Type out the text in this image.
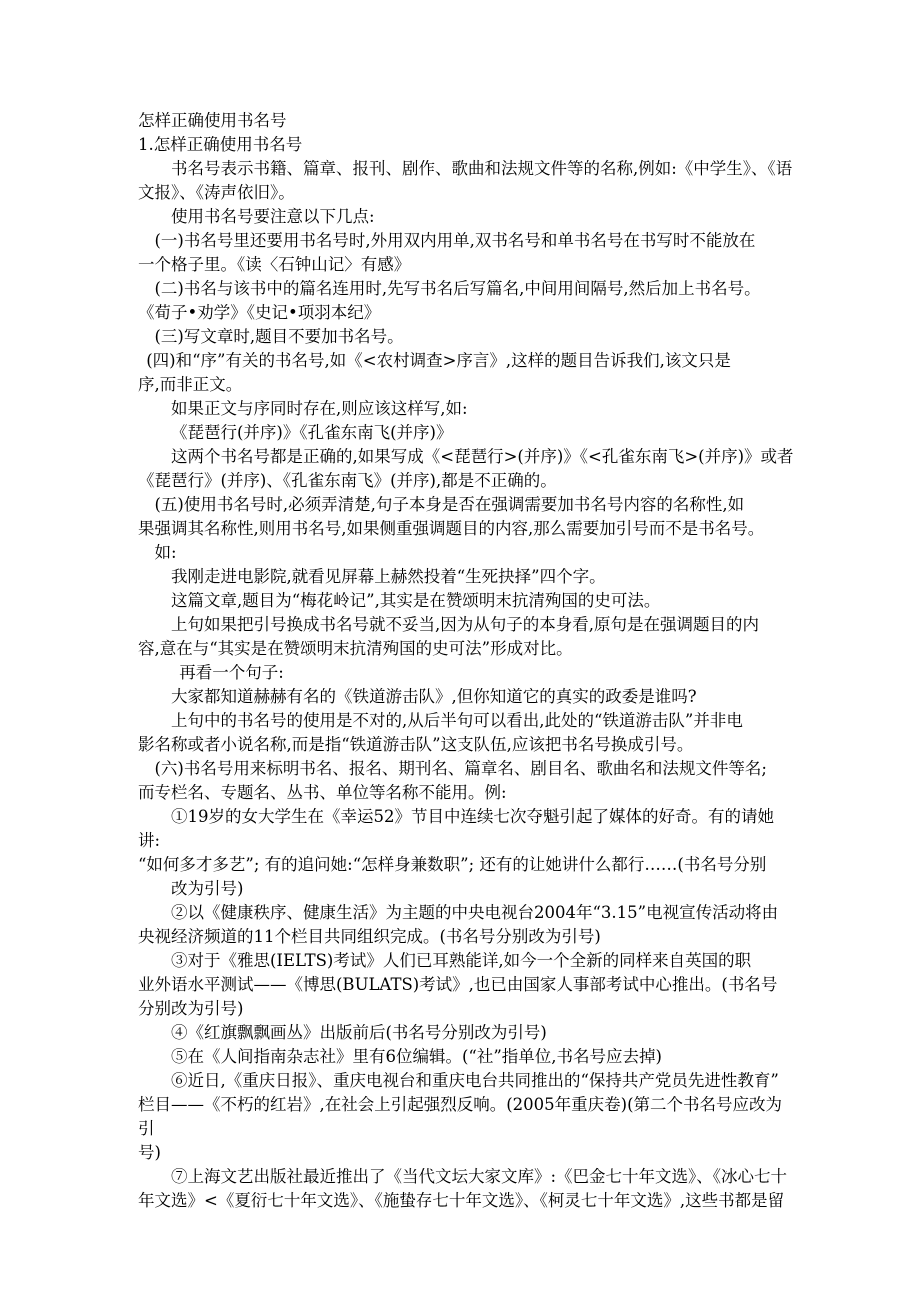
怎样正确使用书名号
1.怎样正确使用书名号
书名号表示书籍、篇章、报刊、剧作、歌曲和法规文件等的名称,例如:《中学生》、《语
文报》、《涛声依旧》。
使用书名号要注意以下几点:
(一)书名号里还要用书名号时,外用双内用单,双书名号和单书名号在书写时不能放在
一个格子里。《读〈石钟山记〉有感》
(二)书名与该书中的篇名连用时,先写书名后写篇名,中间用间隔号,然后加上书名号。
《荀子•劝学》《史记•项羽本纪》
(三)写文章时,题目不要加书名号。
(四)和“序”有关的书名号,如《<农村调查>序言》,这样的题目告诉我们,该文只是
序,而非正文。
如果正文与序同时存在,则应该这样写,如:
《琵琶行(并序)》《孔雀东南飞(并序)》
这两个书名号都是正确的,如果写成《<琵琶行>(并序)》《<孔雀东南飞>(并序)》或者
《琵琶行》(并序)、《孔雀东南飞》(并序),都是不正确的。
(五)使用书名号时,必须弄清楚,句子本身是否在强调需要加书名号内容的名称性,如
果强调其名称性,则用书名号,如果侧重强调题目的内容,那么需要加引号而不是书名号。
如:
我刚走进电影院,就看见屏幕上赫然投着“生死抉择”四个字。
这篇文章,题目为“梅花岭记”,其实是在赞颂明末抗清殉国的史可法。
上句如果把引号换成书名号就不妥当,因为从句子的本身看,原句是在强调题目的内
容,意在与“其实是在赞颂明末抗清殉国的史可法”形成对比。
再看一个句子:
大家都知道赫赫有名的《铁道游击队》,但你知道它的真实的政委是谁吗?
上句中的书名号的使用是不对的,从后半句可以看出,此处的“铁道游击队”并非电
影名称或者小说名称,而是指“铁道游击队”这支队伍,应该把书名号换成引号。
(六)书名号用来标明书名、报名、期刊名、篇章名、剧目名、歌曲名和法规文件等名;
而专栏名、专题名、丛书、单位等名称不能用。例:
①19岁的女大学生在《幸运52》节目中连续七次夺魁引起了媒体的好奇。有的请她讲:
“如何多才多艺”; 有的追问她:“怎样身兼数职”; 还有的让她讲什么都行……(书名号分别
改为引号)
②以《健康秩序、健康生活》为主题的中央电视台2004年“3.15”电视宣传活动将由
央视经济频道的11个栏目共同组织完成。(书名号分别改为引号)
③对于《雅思(IELTS)考试》人们已耳熟能详,如今一个全新的同样来自英国的职
业外语水平测试——《博思(BULATS)考试》,也已由国家人事部考试中心推出。(书名号
分别改为引号)
④《红旗飘飘画丛》出版前后(书名号分别改为引号)
⑤在《人间指南杂志社》里有6位编辑。(“社”指单位,书名号应去掉)
⑥近日,《重庆日报》、重庆电视台和重庆电台共同推出的“保持共产党员先进性教育”
栏目——《不朽的红岩》,在社会上引起强烈反响。(2005年重庆卷)(第二个书名号应改为引
号)
⑦上海文艺出版社最近推出了《当代文坛大家文库》:《巴金七十年文选》、《冰心七十
年文选》<《夏衍七十年文选》、《施蛰存七十年文选》、《柯灵七十年文选》,这些书都是留
